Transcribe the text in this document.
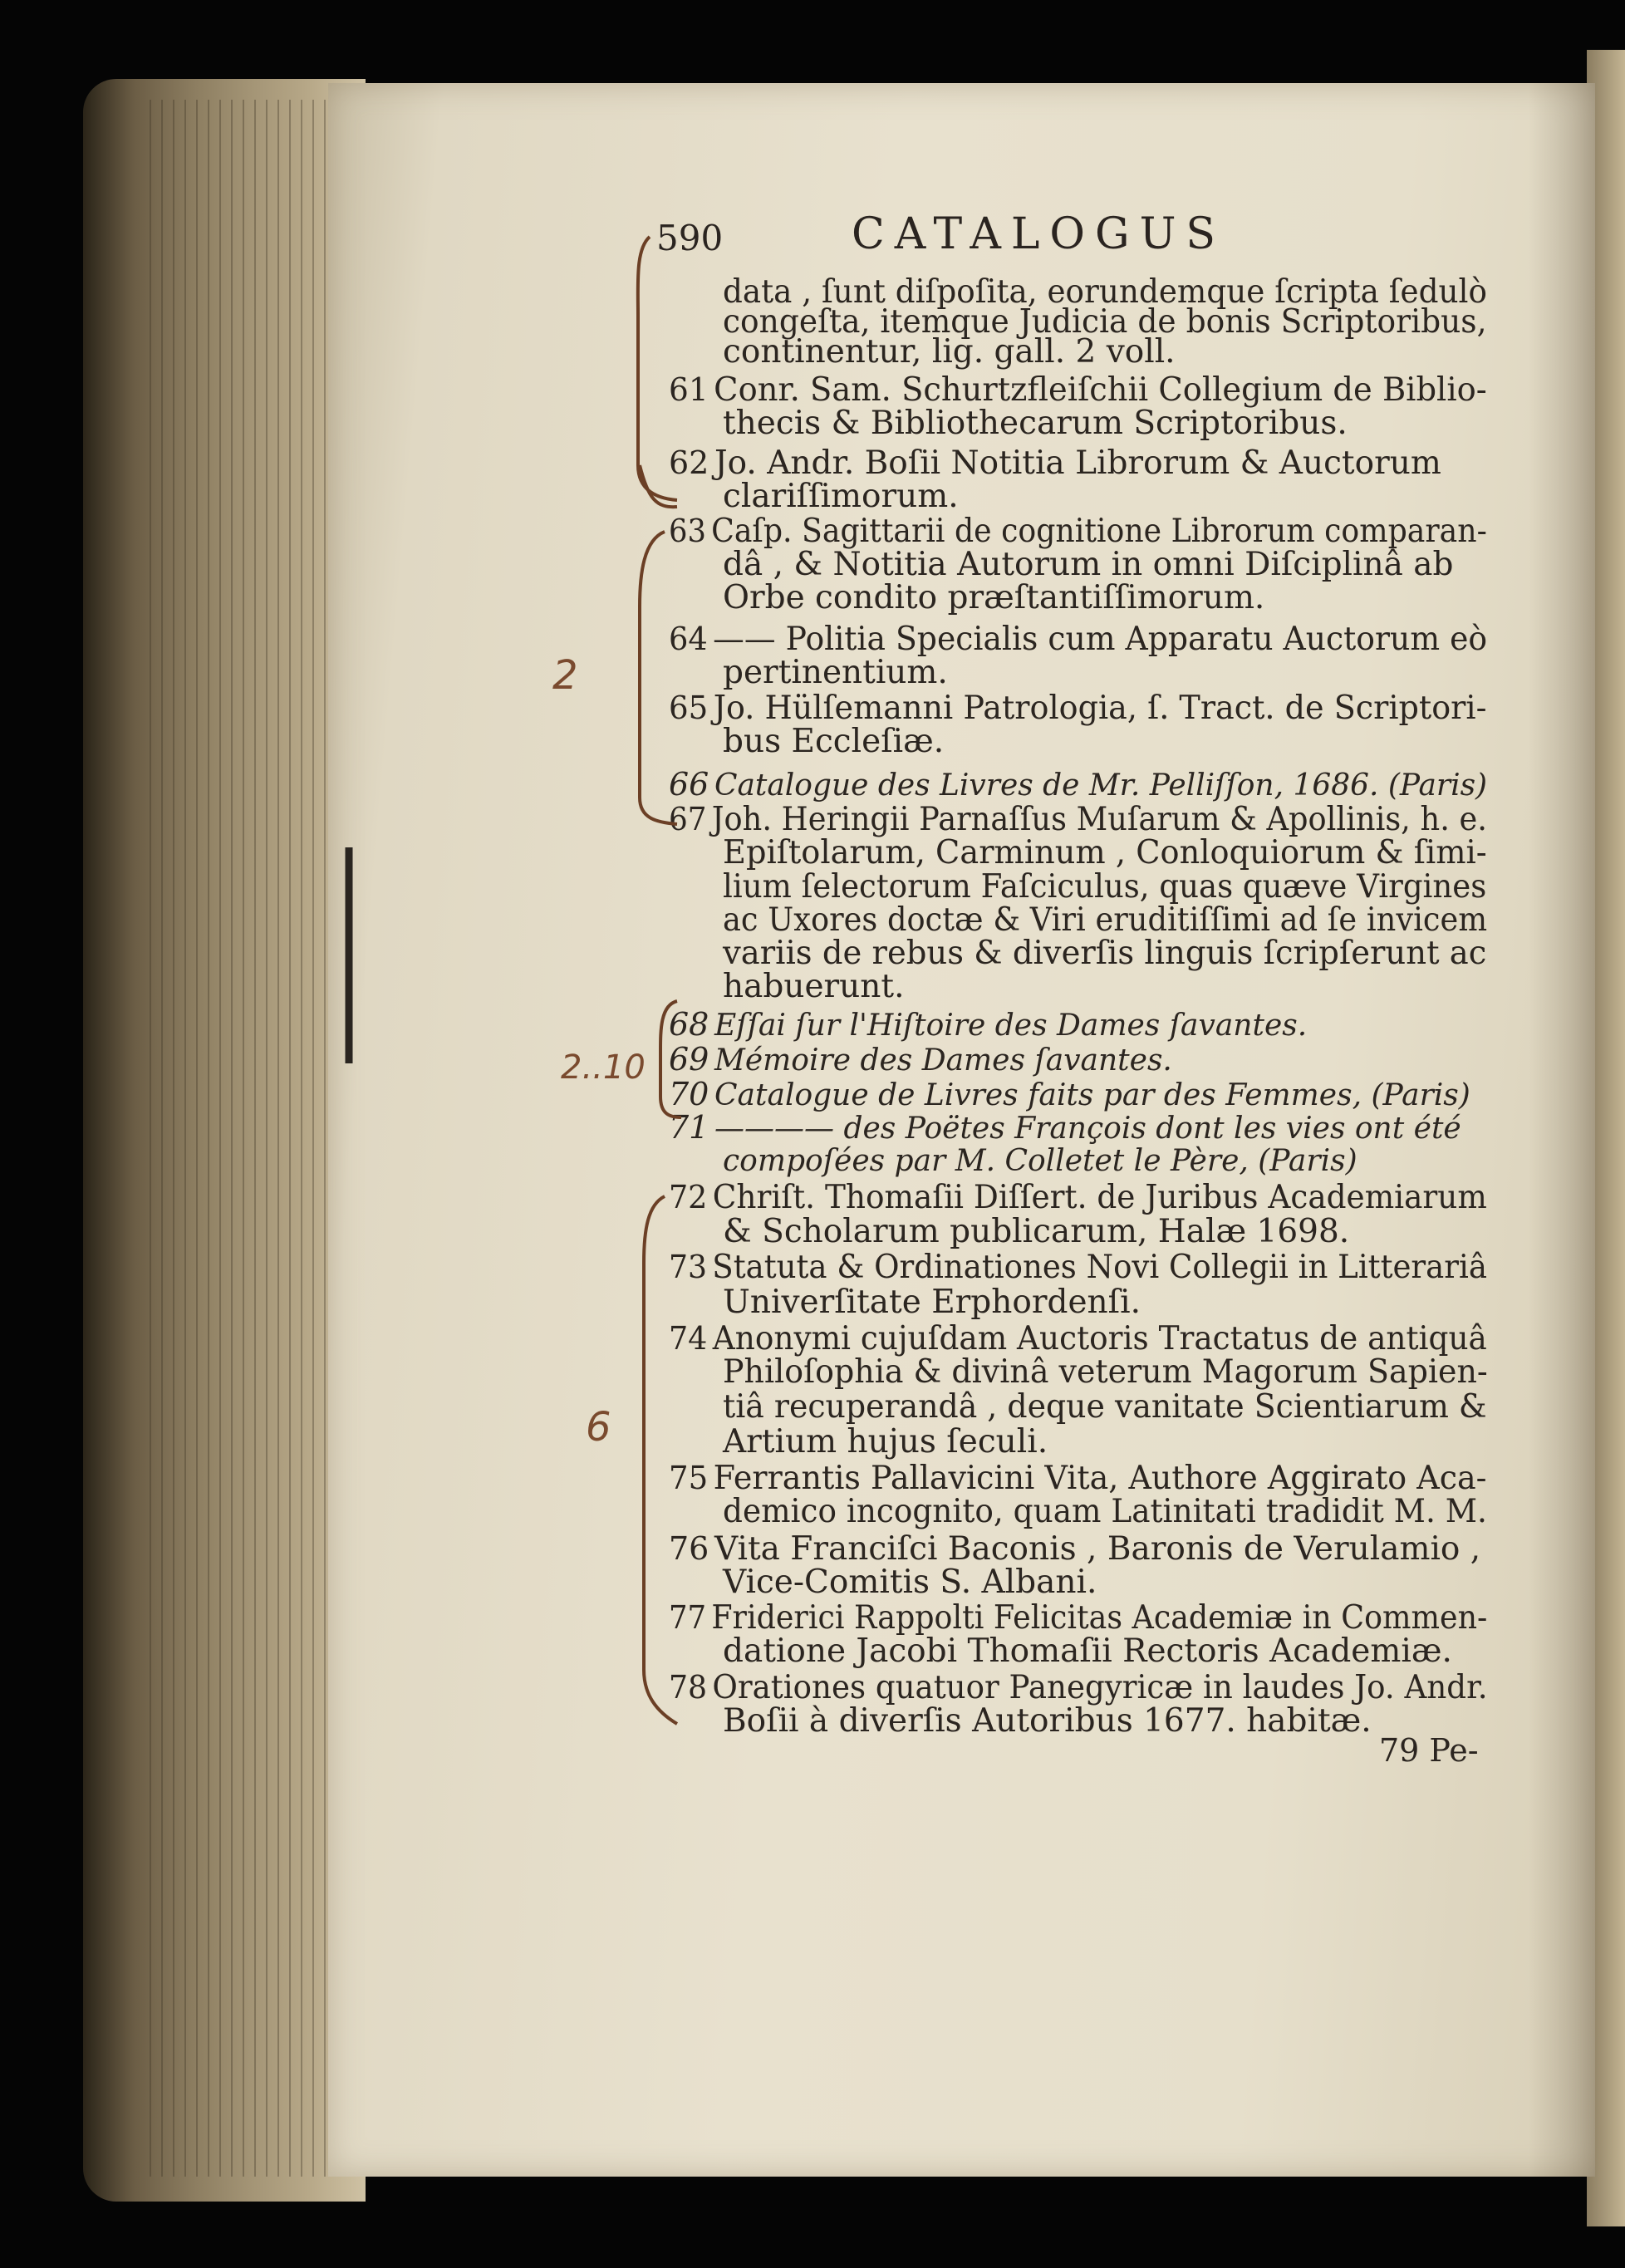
590	CATALOGUS
data , ſunt diſpoſita, eorundemque ſcripta ſedulò
congeſta, itemque Judicia de bonis Scriptoribus,
continentur, lig. gall. 2 voll.
61 Conr. Sam. Schurtzfleiſchii Collegium de Biblio-
thecis & Bibliothecarum Scriptoribus.
62 Jo. Andr. Boſii Notitia Librorum & Auctorum
clariſſimorum.
63 Caſp. Sagittarii de cognitione Librorum comparan-
dâ , & Notitia Autorum in omni Diſciplinâ ab
Orbe condito præſtantiſſimorum.
64 —— Politia Specialis cum Apparatu Auctorum eò
pertinentium.
65 Jo. Hülſemanni Patrologia, ſ. Tract. de Scriptori-
bus Eccleſiæ.
66 Catalogue des Livres de Mr. Pelliſſon, 1686. (Paris)
67 Joh. Heringii Parnaſſus Muſarum & Apollinis, h. e.
Epiſtolarum, Carminum , Conloquiorum & ſimi-
lium ſelectorum Faſciculus, quas quæve Virgines
ac Uxores doctæ & Viri eruditiſſimi ad ſe invicem
variis de rebus & diverſis linguis ſcripſerunt ac
habuerunt.
68 Eſſai ſur l'Hiſtoire des Dames ſavantes.
69 Mémoire des Dames ſavantes.
70 Catalogue de Livres faits par des Femmes, (Paris)
71 ———— des Poëtes François dont les vies ont été
compoſées par M. Colletet le Père, (Paris)
72 Chriſt. Thomaſii Diſſert. de Juribus Academiarum
& Scholarum publicarum, Halæ 1698.
73 Statuta & Ordinationes Novi Collegii in Litterariâ
Univerſitate Erphordenſi.
74 Anonymi cujuſdam Auctoris Tractatus de antiquâ
Philoſophia & divinâ veterum Magorum Sapien-
tiâ recuperandâ , deque vanitate Scientiarum &
Artium hujus ſeculi.
75 Ferrantis Pallavicini Vita, Authore Aggirato Aca-
demico incognito, quam Latinitati tradidit M. M.
76 Vita Franciſci Baconis , Baronis de Verulamio ,
Vice-Comitis S. Albani.
77 Friderici Rappolti Felicitas Academiæ in Commen-
datione Jacobi Thomaſii Rectoris Academiæ.
78 Orationes quatuor Panegyricæ in laudes Jo. Andr.
Boſii à diverſis Autoribus 1677. habitæ.
79 Pe-
2
2..10
6
